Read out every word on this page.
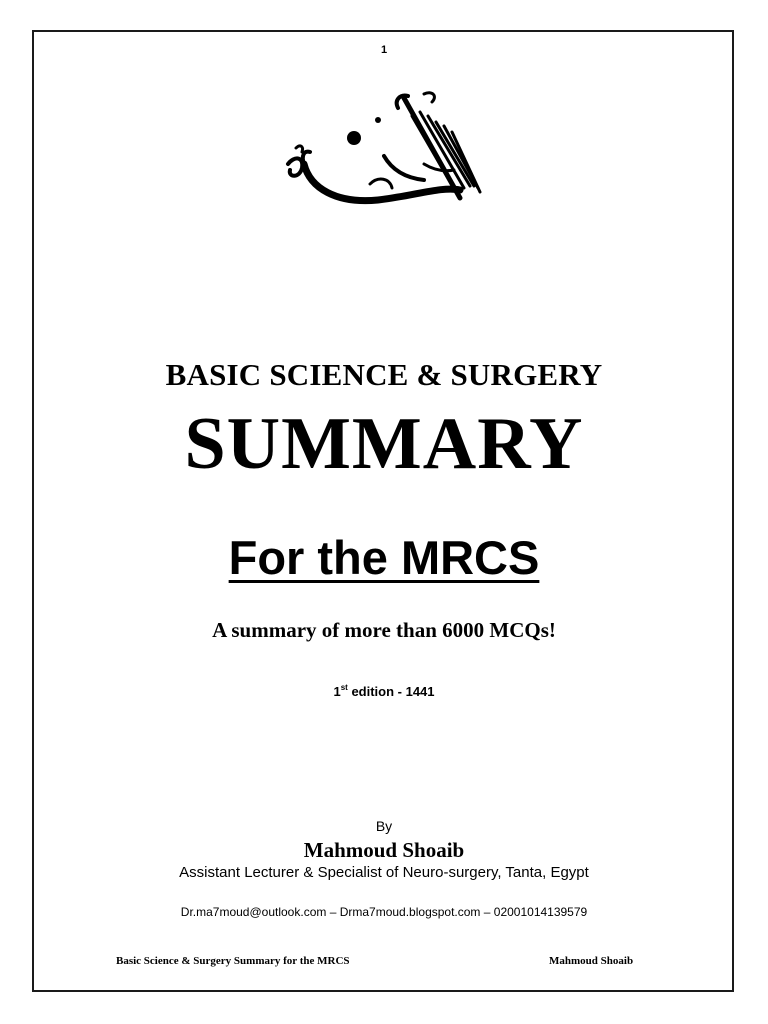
1
BASIC SCIENCE & SURGERY
SUMMARY
For the MRCS
A summary of more than 6000 MCQs!
1st edition - 1441
By
Mahmoud Shoaib
Assistant Lecturer & Specialist of Neuro-surgery, Tanta, Egypt
Dr.ma7moud@outlook.com – Drma7moud.blogspot.com – 02001014139579
Basic Science & Surgery Summary for the MRCS	Mahmoud Shoaib
